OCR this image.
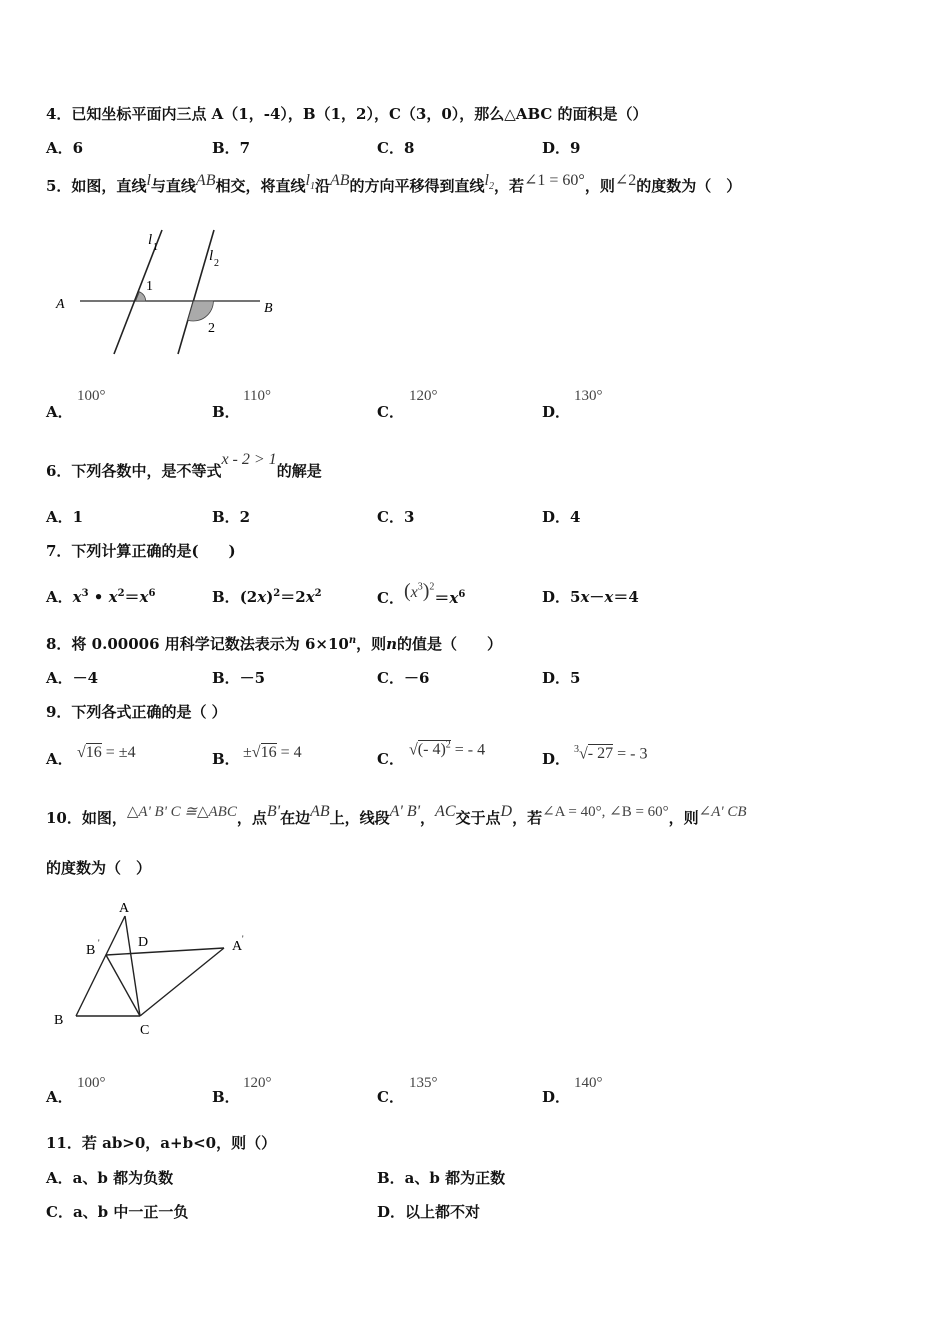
4．已知坐标平面内三点 A（1，-4），B（1，2），C（3，0），那么△ABC 的面积是（）
A．6	B．7	C．8	D．9
5．如图，直线l与直线AB相交，将直线$l_1$沿AB的方向平移得到直线$l_2$，若∠1 = 60°，则∠2的度数为（　）
A	B
1
2
l 1
l 2
A．
100°
B．
110°
C．
120°
D．
130°
6．下列各数中，是不等式x - 2 > 1的解是
A．1	B．2	C．3	D．4
7．下列计算正确的是(　　)
A．$x^3$ • $x^2=x^6$	B．$(2x)^2=2x^2$	C．$(x^3)^2=x^6$	D．5x－x＝4
8．将 0.00006 用科学记数法表示为 $6\times 10^n$，则n的值是（　　）
A．－4	B．－5	C．－6	D．5
9．下列各式正确的是（ ）
A． √16 = ±4	B． ±√16 = 4	C．
√(- 4)$^2$ = - 4
D．
$^3$√- 27 = - 3
10．如图，△A' B' C ≅△ABC，点B'在边AB上，线段A' B'，AC交于点D，若∠A = 40°, ∠B = 60°，则∠A' CB
的度数为（　）
A
B '	D	A '
B
C
A．
100°
B．
120°
C．
135°
D．
140°
11．若 ab>0，a+b<0，则（）
A．a、b 都为负数	B．a、b 都为正数
C．a、b 中一正一负	D．以上都不对
